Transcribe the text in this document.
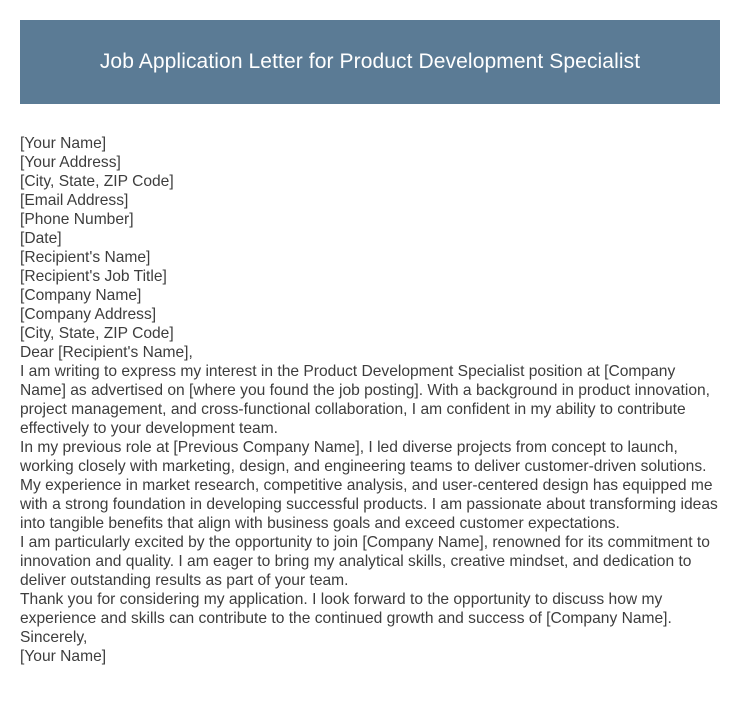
Job Application Letter for Product Development Specialist

[Your Name]

[Your Address]

[City, State, ZIP Code]

[Email Address]

[Phone Number]

[Date]

[Recipient's Name]

[Recipient's Job Title]

[Company Name]

[Company Address]

[City, State, ZIP Code]

Dear [Recipient's Name],

I am writing to express my interest in the Product Development Specialist position at [Company Name] as advertised on [where you found the job posting]. With a background in product innovation, project management, and cross-functional collaboration, I am confident in my ability to contribute effectively to your development team.

In my previous role at [Previous Company Name], I led diverse projects from concept to launch, working closely with marketing, design, and engineering teams to deliver customer-driven solutions. My experience in market research, competitive analysis, and user-centered design has equipped me with a strong foundation in developing successful products. I am passionate about transforming ideas into tangible benefits that align with business goals and exceed customer expectations.

I am particularly excited by the opportunity to join [Company Name], renowned for its commitment to innovation and quality. I am eager to bring my analytical skills, creative mindset, and dedication to deliver outstanding results as part of your team.

Thank you for considering my application. I look forward to the opportunity to discuss how my experience and skills can contribute to the continued growth and success of [Company Name].

Sincerely,

[Your Name]
